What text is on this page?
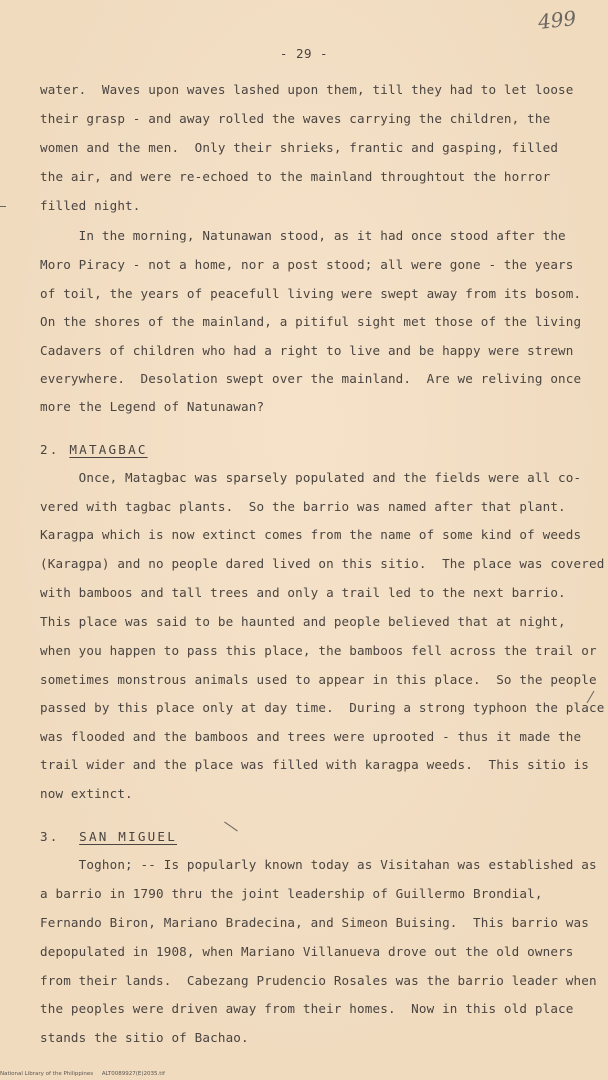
499
- 29 -
water.  Waves upon waves lashed upon them, till they had to let loose
their grasp - and away rolled the waves carrying the children, the
women and the men.  Only their shrieks, frantic and gasping, filled
the air, and were re-echoed to the mainland throughtout the horror
filled night.
In the morning, Natunawan stood, as it had once stood after the
Moro Piracy - not a home, nor a post stood; all were gone - the years
of toil, the years of peacefull living were swept away from its bosom.
On the shores of the mainland, a pitiful sight met those of the living
Cadavers of children who had a right to live and be happy were strewn
everywhere.  Desolation swept over the mainland.  Are we reliving once
more the Legend of Natunawan?
2. MATAGBAC
Once, Matagbac was sparsely populated and the fields were all co-
vered with tagbac plants.  So the barrio was named after that plant.
Karagpa which is now extinct comes from the name of some kind of weeds
(Karagpa) and no people dared lived on this sitio.  The place was covered
with bamboos and tall trees and only a trail led to the next barrio.
This place was said to be haunted and people believed that at night,
when you happen to pass this place, the bamboos fell across the trail or
sometimes monstrous animals used to appear in this place.  So the people
passed by this place only at day time.  During a strong typhoon the place
was flooded and the bamboos and trees were uprooted - thus it made the
trail wider and the place was filled with karagpa weeds.  This sitio is
now extinct.
3. SAN MIGUEL
Toghon; -- Is popularly known today as Visitahan was established as
a barrio in 1790 thru the joint leadership of Guillermo Brondial,
Fernando Biron, Mariano Bradecina, and Simeon Buising.  This barrio was
depopulated in 1908, when Mariano Villanueva drove out the old owners
from their lands.  Cabezang Prudencio Rosales was the barrio leader when
the peoples were driven away from their homes.  Now in this old place
stands the sitio of Bachao.
National Library of the Philippines     ALT0089927(E)2035.tif
